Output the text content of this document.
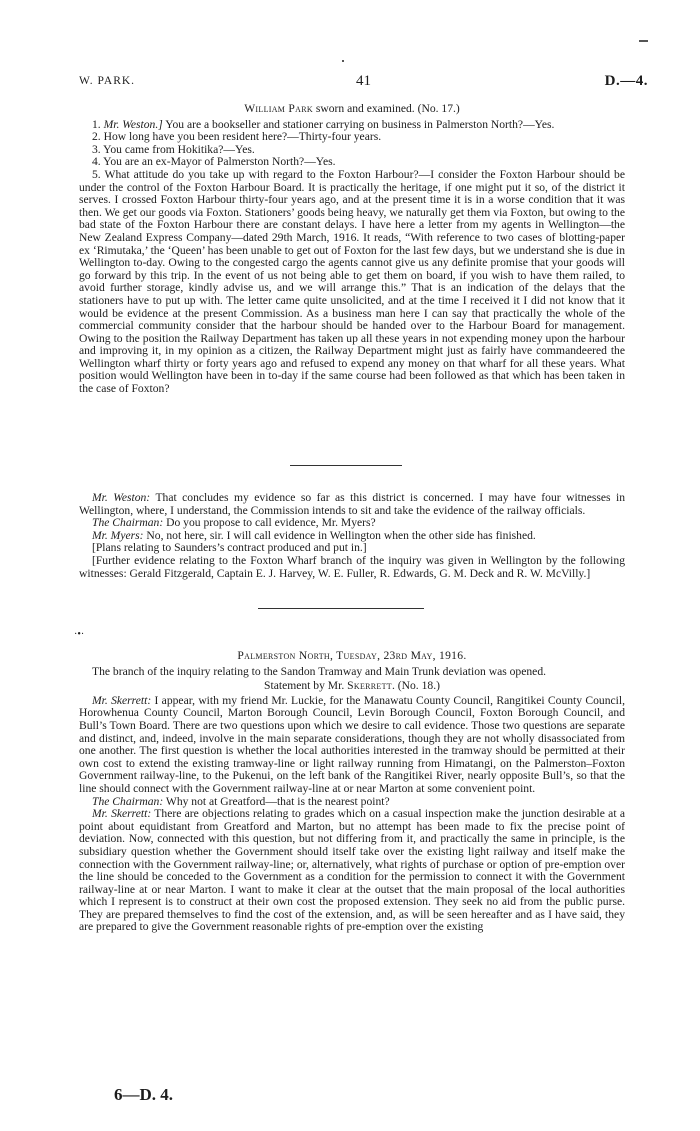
W. PARK.	41	D.—4.
William Park sworn and examined. (No. 17.)

1. Mr. Weston.] You are a bookseller and stationer carrying on business in Palmerston North?—Yes.

2. How long have you been resident here?—Thirty-four years.

3. You came from Hokitika?—Yes.

4. You are an ex-Mayor of Palmerston North?—Yes.

5. What attitude do you take up with regard to the Foxton Harbour?—I consider the Foxton Harbour should be under the control of the Foxton Harbour Board. It is practically the heritage, if one might put it so, of the district it serves. I crossed Foxton Harbour thirty-four years ago, and at the present time it is in a worse condition that it was then. We get our goods via Foxton. Stationers’ goods being heavy, we naturally get them via Foxton, but owing to the bad state of the Foxton Harbour there are constant delays. I have here a letter from my agents in Wellington—the New Zealand Express Company—dated 29th March, 1916. It reads, “With reference to two cases of blotting-paper ex ‘Rimutaka,’ the ‘Queen’ has been unable to get out of Foxton for the last few days, but we understand she is due in Wellington to-day. Owing to the congested cargo the agents cannot give us any definite promise that your goods will go forward by this trip. In the event of us not being able to get them on board, if you wish to have them railed, to avoid further storage, kindly advise us, and we will arrange this.” That is an indication of the delays that the stationers have to put up with. The letter came quite unsolicited, and at the time I received it I did not know that it would be evidence at the present Commission. As a business man here I can say that practically the whole of the commercial community consider that the harbour should be handed over to the Harbour Board for management. Owing to the position the Railway Department has taken up all these years in not expending money upon the harbour and improving it, in my opinion as a citizen, the Railway Department might just as fairly have commandeered the Wellington wharf thirty or forty years ago and refused to expend any money on that wharf for all these years. What position would Wellington have been in to-day if the same course had been followed as that which has been taken in the case of Foxton?

Mr. Weston: That concludes my evidence so far as this district is concerned. I may have four witnesses in Wellington, where, I understand, the Commission intends to sit and take the evidence of the railway officials.

The Chairman: Do you propose to call evidence, Mr. Myers?

Mr. Myers: No, not here, sir. I will call evidence in Wellington when the other side has finished.

[Plans relating to Saunders’s contract produced and put in.]

[Further evidence relating to the Foxton Wharf branch of the inquiry was given in Wellington by the following witnesses: Gerald Fitzgerald, Captain E. J. Harvey, W. E. Fuller, R. Edwards, G. M. Deck and R. W. McVilly.]

·•·
Palmerston North, Tuesday, 23rd May, 1916.

The branch of the inquiry relating to the Sandon Tramway and Main Trunk deviation was opened.

Statement by Mr. Skerrett. (No. 18.)

Mr. Skerrett: I appear, with my friend Mr. Luckie, for the Manawatu County Council, Rangitikei County Council, Horowhenua County Council, Marton Borough Council, Levin Borough Council, Foxton Borough Council, and Bull’s Town Board. There are two questions upon which we desire to call evidence. Those two questions are separate and distinct, and, indeed, involve in the main separate considerations, though they are not wholly disassociated from one another. The first question is whether the local authorities interested in the tramway should be permitted at their own cost to extend the existing tramway-line or light railway running from Himatangi, on the Palmerston–Foxton Government railway-line, to the Pukenui, on the left bank of the Rangitikei River, nearly opposite Bull’s, so that the line should connect with the Government railway-line at or near Marton at some convenient point.

The Chairman: Why not at Greatford—that is the nearest point?

Mr. Skerrett: There are objections relating to grades which on a casual inspection make the junction desirable at a point about equidistant from Greatford and Marton, but no attempt has been made to fix the precise point of deviation. Now, connected with this question, but not differing from it, and practically the same in principle, is the subsidiary question whether the Government should itself take over the existing light railway and itself make the connection with the Government railway-line; or, alternatively, what rights of purchase or option of pre-emption over the line should be conceded to the Government as a condition for the permission to connect it with the Government railway-line at or near Marton. I want to make it clear at the outset that the main proposal of the local authorities which I represent is to construct at their own cost the proposed extension. They seek no aid from the public purse. They are prepared themselves to find the cost of the extension, and, as will be seen hereafter and as I have said, they are prepared to give the Government reasonable rights of pre-emption over the existing

6—D. 4.
